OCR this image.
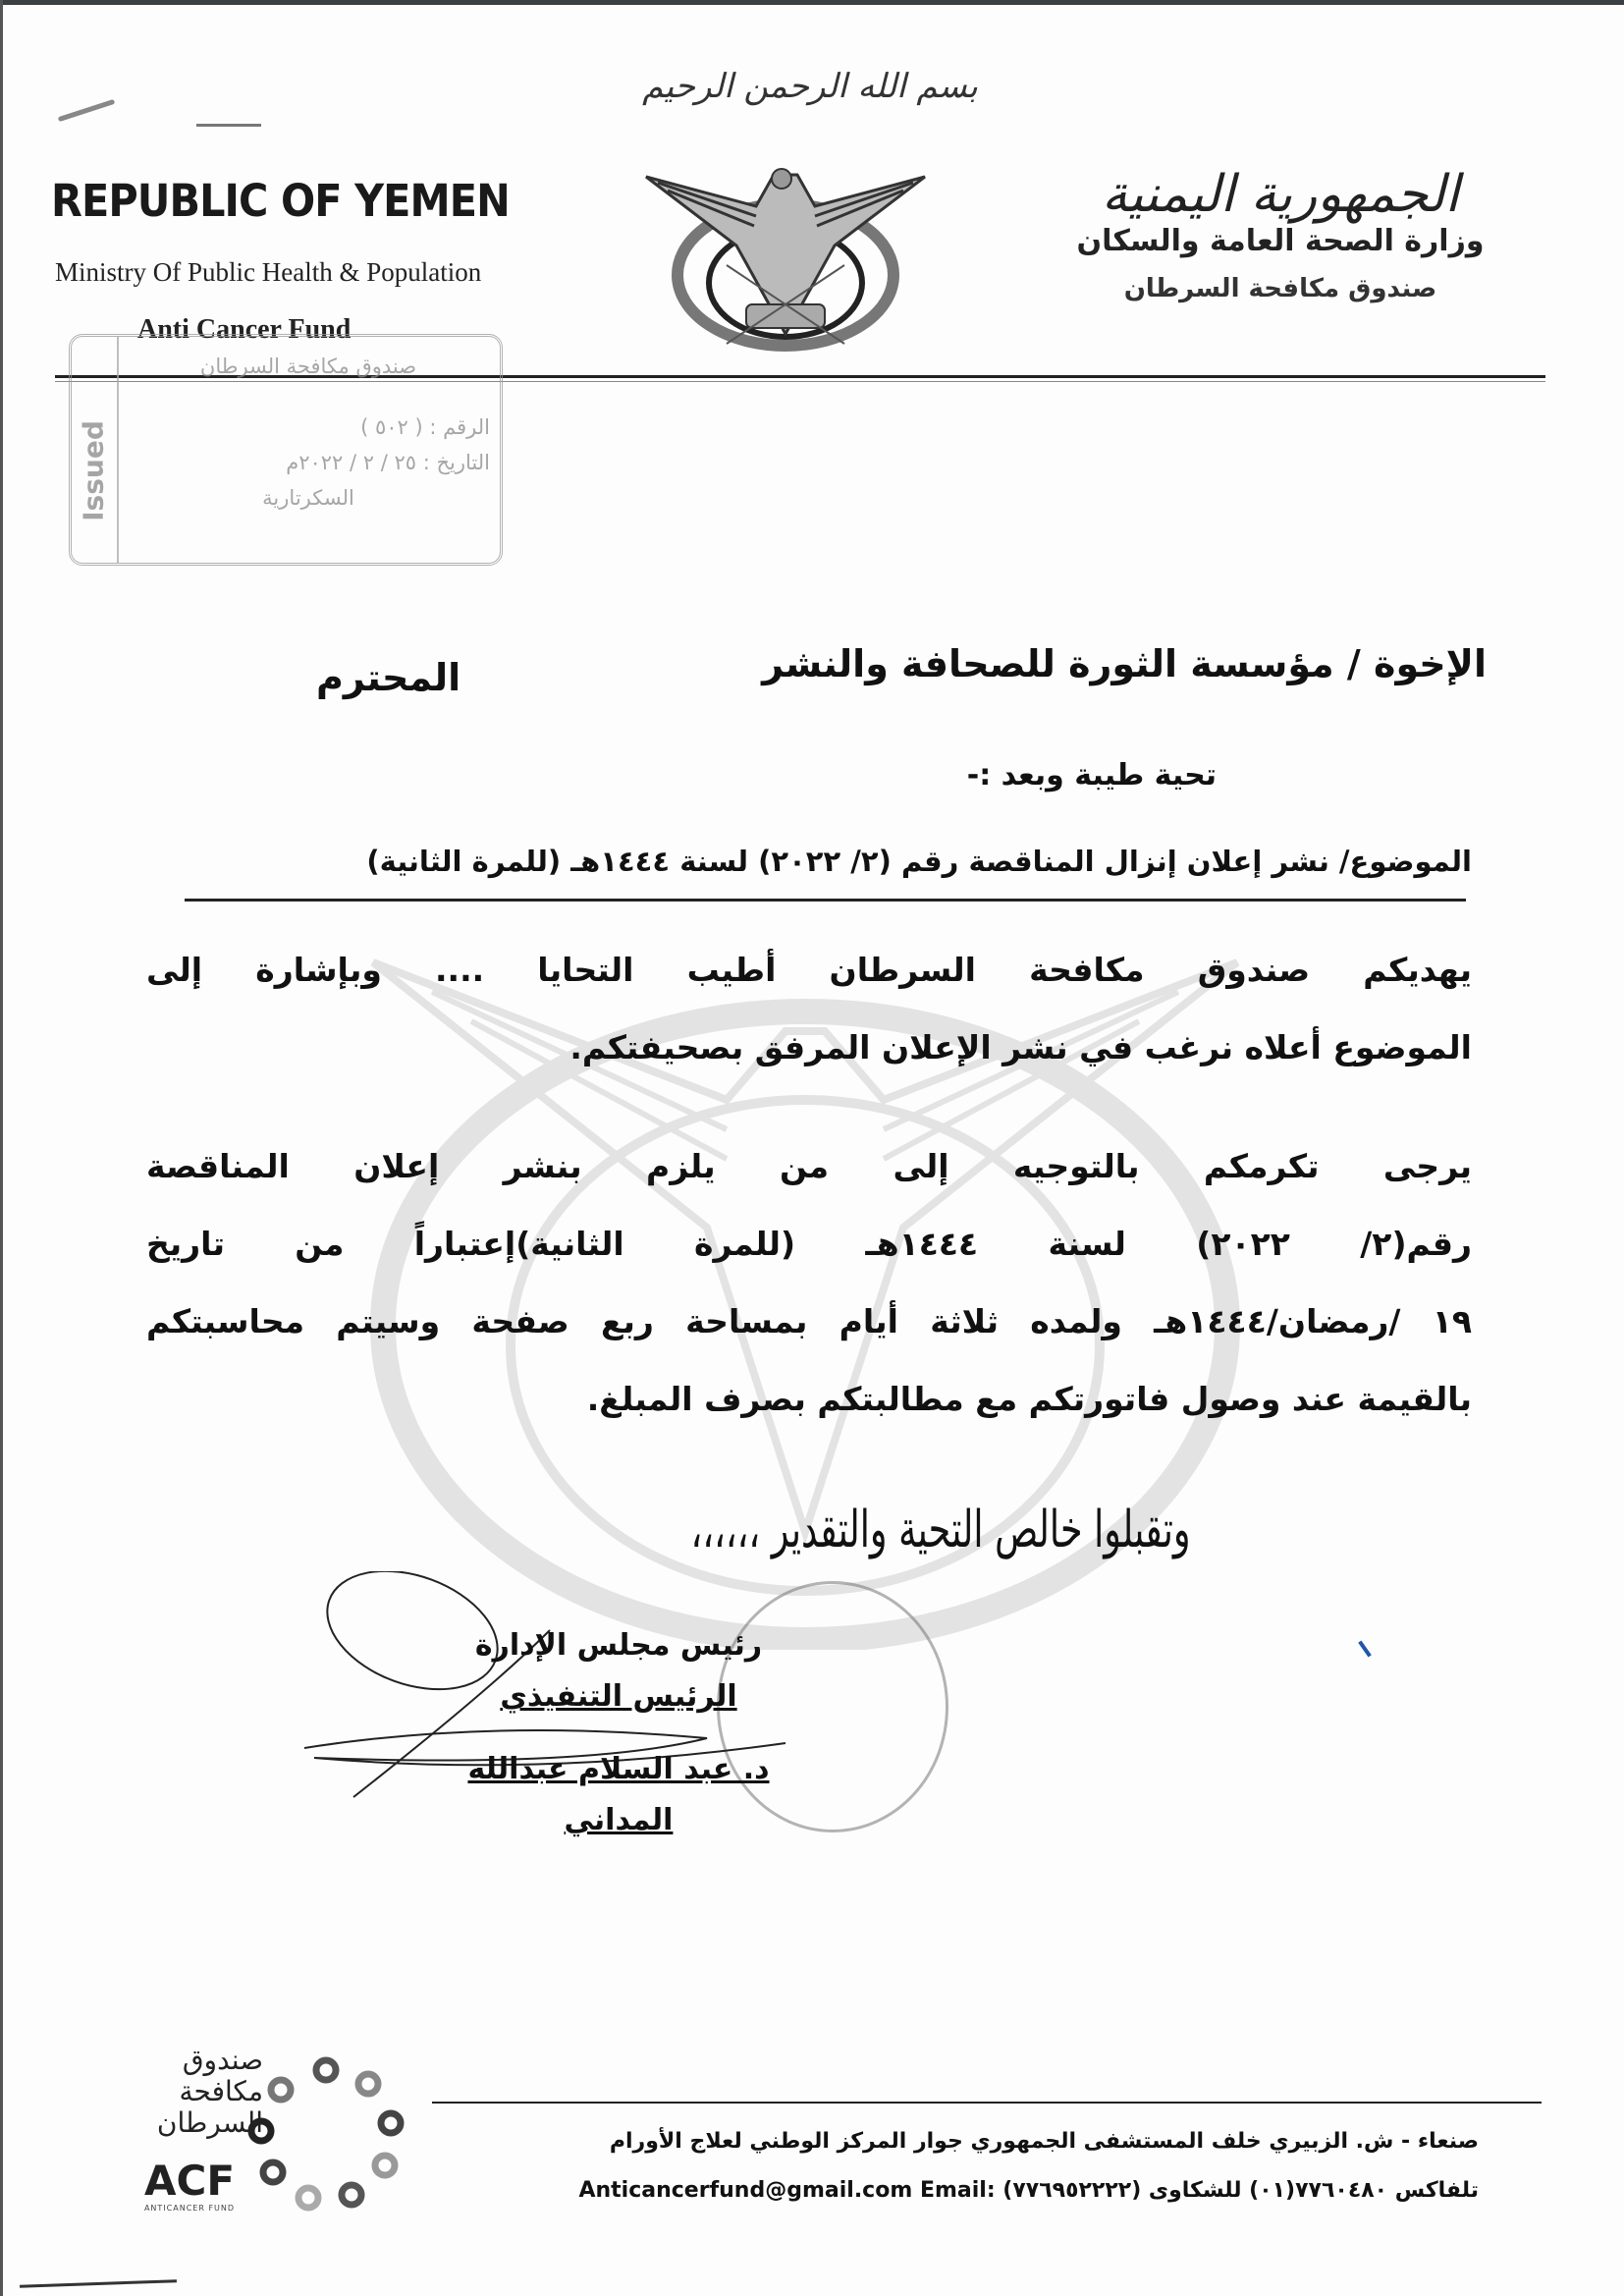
REPUBLIC OF YEMEN
Ministry Of Public Health & Population
Anti Cancer Fund
بسم الله الرحمن الرحيم
الجمهورية اليمنية
وزارة الصحة العامة والسكان
صندوق مكافحة السرطان
Issued
صندوق مكافحة السرطان
الرقم : ( ٥٠٢ )
التاريخ : ٢٥ / ٢ / ٢٠٢٢م
السكرتارية
الإخوة / مؤسسة الثورة للصحافة والنشر
المحترم
تحية طيبة وبعد :-
الموضوع/ نشر إعلان إنزال المناقصة رقم (٢/ ٢٠٢٢) لسنة ١٤٤٤هـ (للمرة الثانية)
يهديكم صندوق مكافحة السرطان أطيب التحايا .... وبإشارة إلى
الموضوع أعلاه نرغب في نشر الإعلان المرفق بصحيفتكم.
يرجى تكرمكم بالتوجيه إلى من يلزم بنشر إعلان المناقصة
رقم(٢/ ٢٠٢٢) لسنة ١٤٤٤هـ (للمرة الثانية)إعتباراً من تاريخ
١٩ /رمضان/١٤٤٤هـ ولمده ثلاثة أيام بمساحة ربع صفحة وسيتم محاسبتكم
بالقيمة عند وصول فاتورتكم مع مطالبتكم بصرف المبلغ.
وتقبلوا خالص التحية والتقدير ،،،،،،
رئيس مجلس الإدارة
الرئيس التنفيذي
د. عبد السلام عبدالله المداني
صندوق
مكافحة
السرطان
ACF
ANTICANCER FUND
صنعاء - ش. الزبيري خلف المستشفى الجمهوري جوار المركز الوطني لعلاج الأورام
تلفاكس ٧٧٦٠٤٨٠(٠١) للشكاوى (٧٧٦٩٥٢٢٢٢) Email: Anticancerfund@gmail.com
